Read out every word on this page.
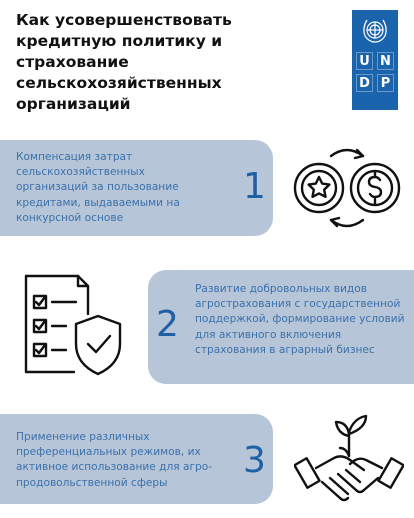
Как усовершенствовать кредитную политику и страхование сельскохозяйственных организаций
U N
D P
Компенсация затрат сельскохозяйственных организаций за пользование кредитами, выдаваемыми на конкурсной основе
1
2
Развитие добровольных видов агрострахования с государственной поддержкой, формирование условий для активного включения страхования в аграрный бизнес
Применение различных преференциальных режимов, их активное использование для агро-продовольственной сферы
3
